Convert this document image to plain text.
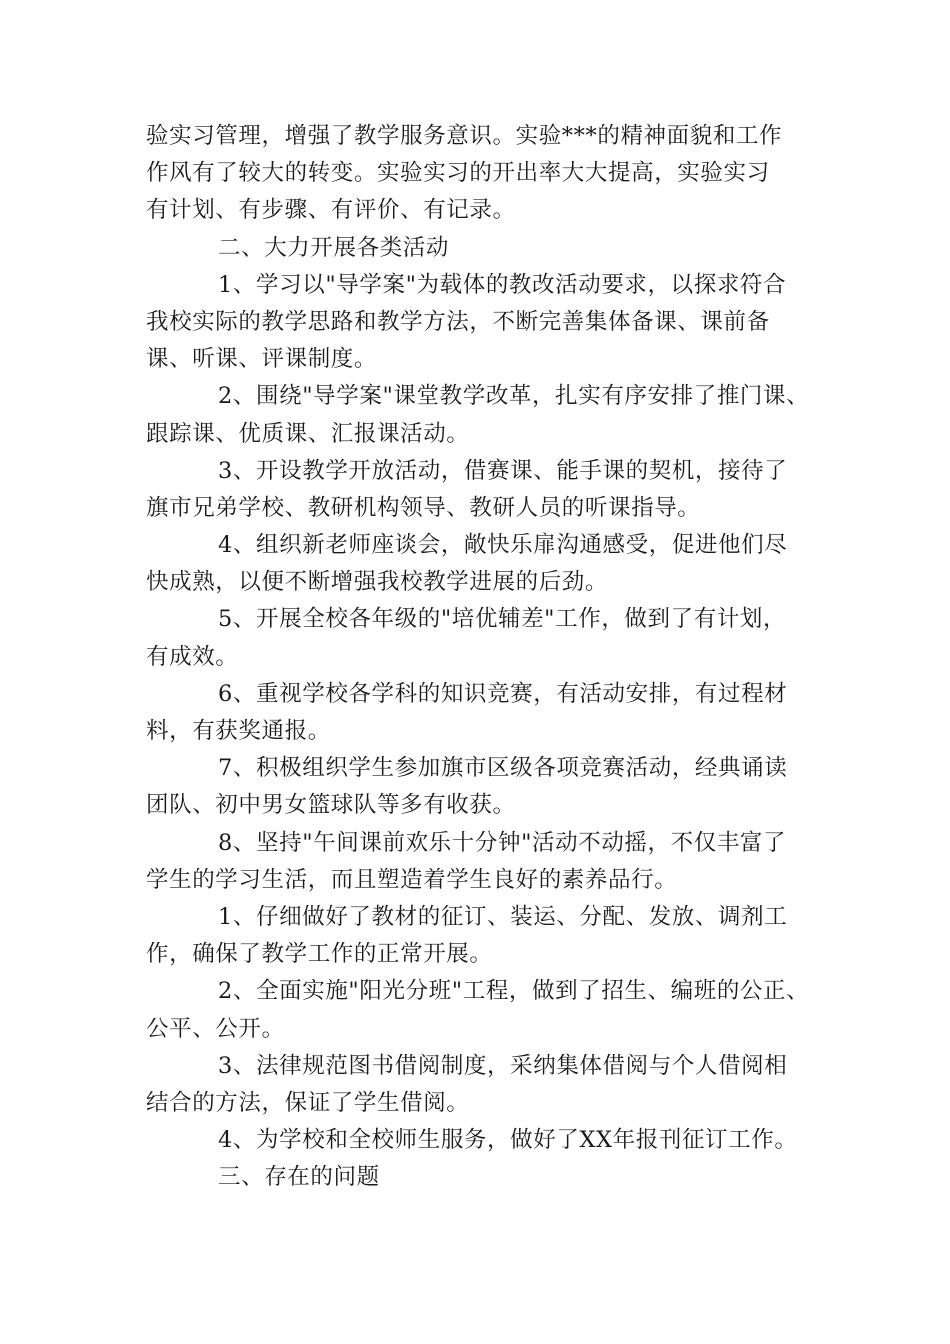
验实习管理，增强了教学服务意识。实验***的精神面貌和工作
作风有了较大的转变。实验实习的开出率大大提高，实验实习
有计划、有步骤、有评价、有记录。
二、大力开展各类活动
1、学习以"导学案"为载体的教改活动要求，以探求符合
我校实际的教学思路和教学方法，不断完善集体备课、课前备
课、听课、评课制度。
2、围绕"导学案"课堂教学改革，扎实有序安排了推门课、
跟踪课、优质课、汇报课活动。
3、开设教学开放活动，借赛课、能手课的契机，接待了
旗市兄弟学校、教研机构领导、教研人员的听课指导。
4、组织新老师座谈会，敞快乐扉沟通感受，促进他们尽
快成熟，以便不断增强我校教学进展的后劲。
5、开展全校各年级的"培优辅差"工作，做到了有计划，
有成效。
6、重视学校各学科的知识竞赛，有活动安排，有过程材
料，有获奖通报。
7、积极组织学生参加旗市区级各项竞赛活动，经典诵读
团队、初中男女篮球队等多有收获。
8、坚持"午间课前欢乐十分钟"活动不动摇，不仅丰富了
学生的学习生活，而且塑造着学生良好的素养品行。
1、仔细做好了教材的征订、装运、分配、发放、调剂工
作，确保了教学工作的正常开展。
2、全面实施"阳光分班"工程，做到了招生、编班的公正、
公平、公开。
3、法律规范图书借阅制度，采纳集体借阅与个人借阅相
结合的方法，保证了学生借阅。
4、为学校和全校师生服务，做好了XX年报刊征订工作。
三、存在的问题
